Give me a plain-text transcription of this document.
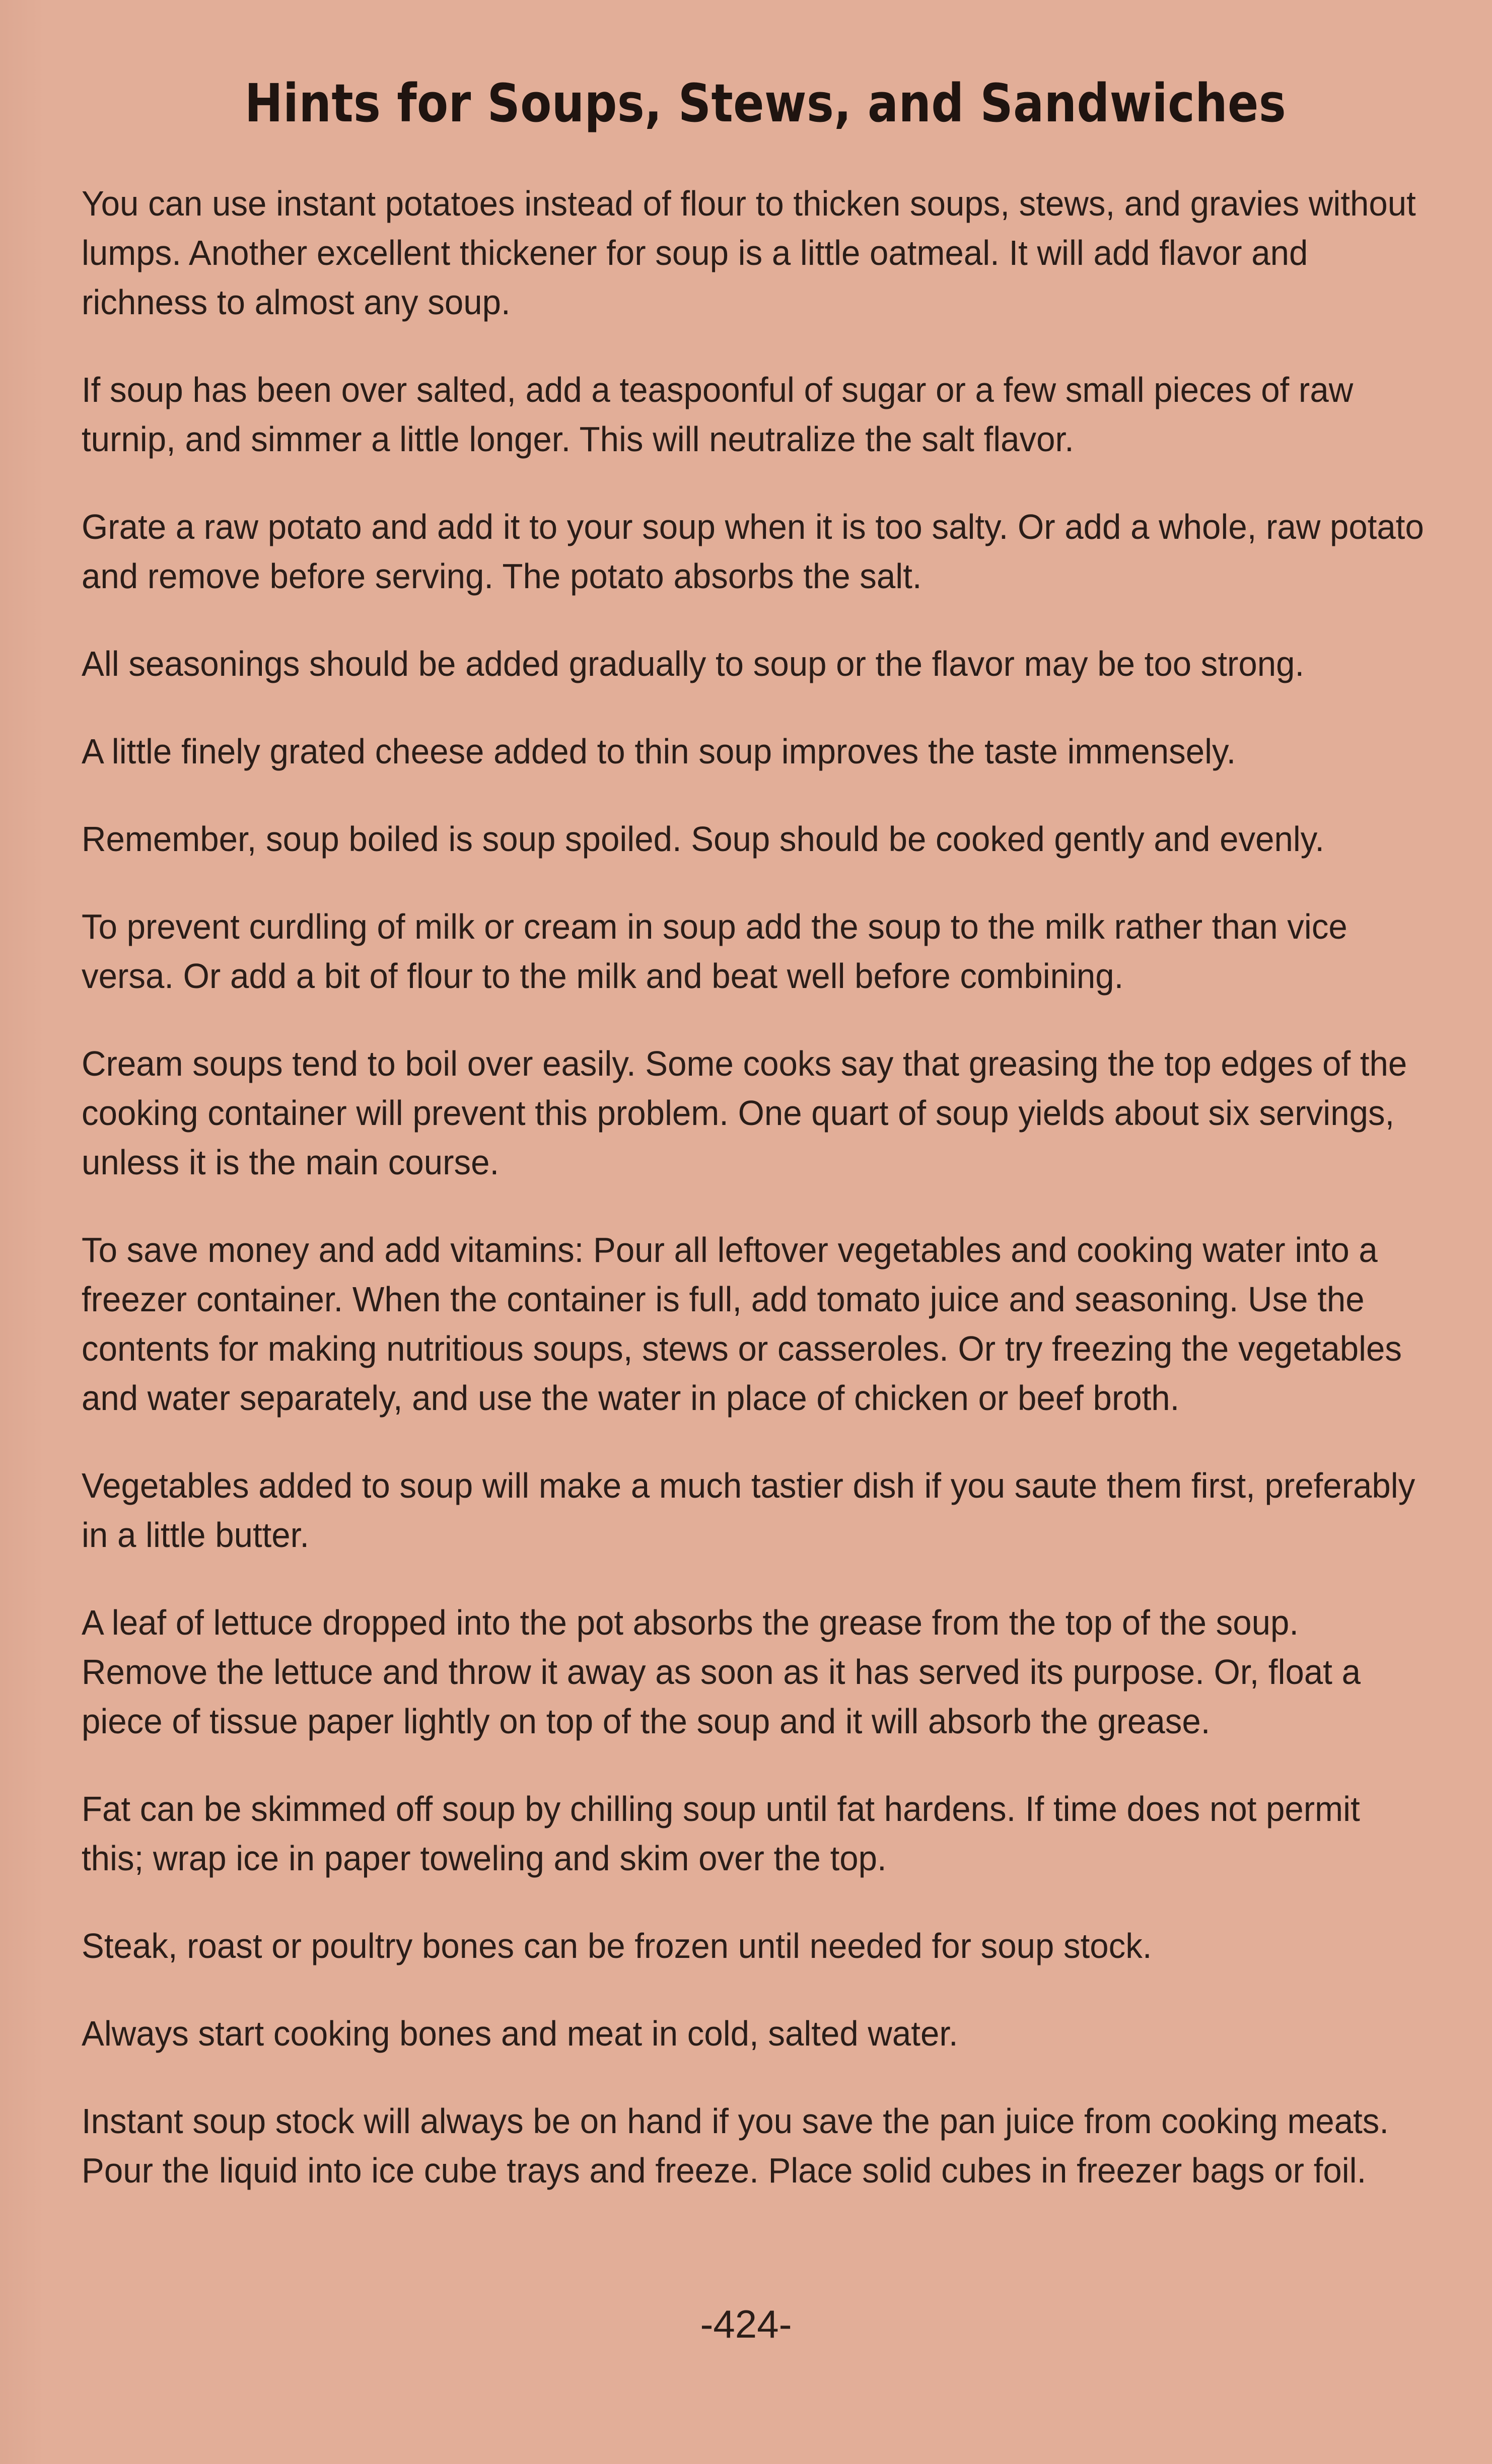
Hints for Soups, Stews, and Sandwiches

You can use instant potatoes instead of flour to thicken soups, stews, and gravies without lumps. Another excellent thickener for soup is a little oatmeal. It will add flavor and richness to almost any soup.

If soup has been over salted, add a teaspoonful of sugar or a few small pieces of raw turnip, and simmer a little longer. This will neutralize the salt flavor.

Grate a raw potato and add it to your soup when it is too salty. Or add a whole, raw potato and remove before serving. The potato absorbs the salt.

All seasonings should be added gradually to soup or the flavor may be too strong.

A little finely grated cheese added to thin soup improves the taste immensely.

Remember, soup boiled is soup spoiled. Soup should be cooked gently and evenly.

To prevent curdling of milk or cream in soup add the soup to the milk rather than vice versa. Or add a bit of flour to the milk and beat well before combining.

Cream soups tend to boil over easily. Some cooks say that greasing the top edges of the cooking container will prevent this problem. One quart of soup yields about six servings, unless it is the main course.

To save money and add vitamins: Pour all leftover vegetables and cooking water into a freezer container. When the container is full, add tomato juice and seasoning. Use the contents for making nutritious soups, stews or casseroles. Or try freezing the vegetables and water separately, and use the water in place of chicken or beef broth.

Vegetables added to soup will make a much tastier dish if you saute them first, preferably in a little butter.

A leaf of lettuce dropped into the pot absorbs the grease from the top of the soup. Remove the lettuce and throw it away as soon as it has served its purpose. Or, float a piece of tissue paper lightly on top of the soup and it will absorb the grease.

Fat can be skimmed off soup by chilling soup until fat hardens. If time does not permit this; wrap ice in paper toweling and skim over the top.

Steak, roast or poultry bones can be frozen until needed for soup stock.

Always start cooking bones and meat in cold, salted water.

Instant soup stock will always be on hand if you save the pan juice from cooking meats. Pour the liquid into ice cube trays and freeze. Place solid cubes in freezer bags or foil.

-424-
